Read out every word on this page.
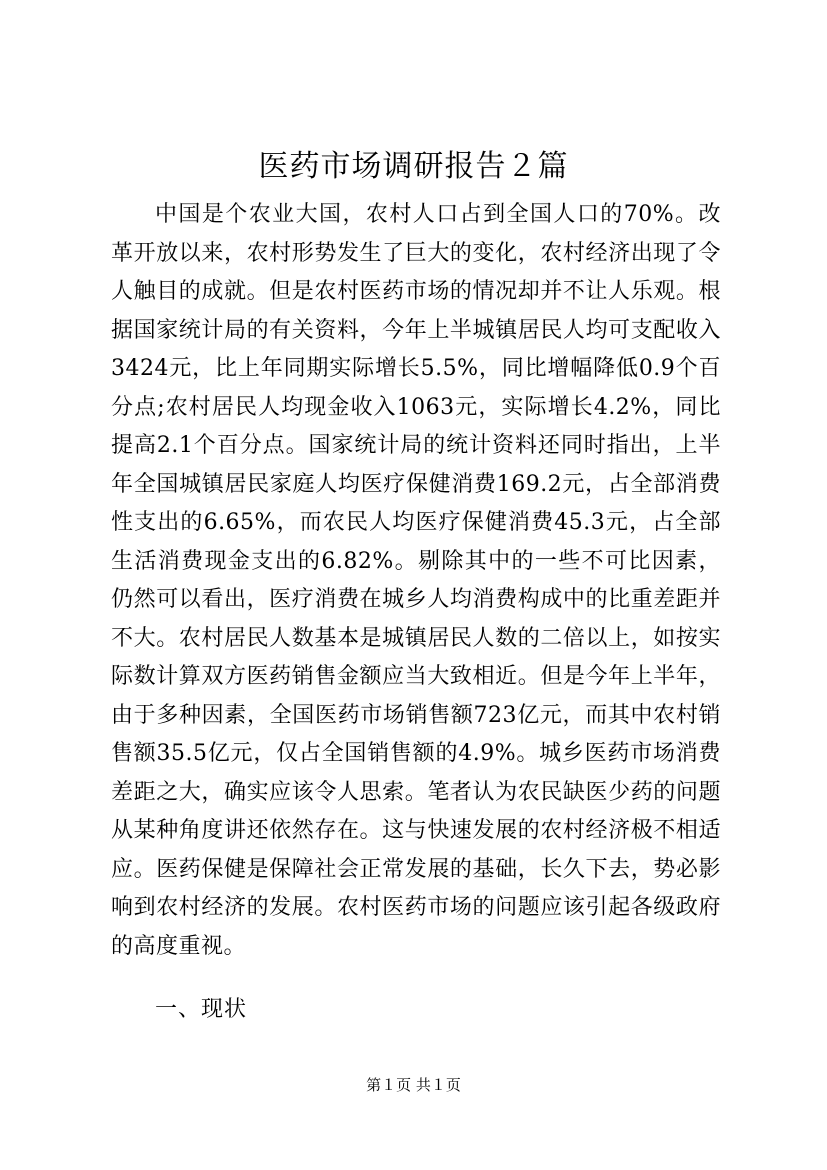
医药市场调研报告２篇

中国是个农业大国，农村人口占到全国人口的70%。改革开放以来，农村形势发生了巨大的变化，农村经济出现了令人触目的成就。但是农村医药市场的情况却并不让人乐观。根据国家统计局的有关资料，今年上半城镇居民人均可支配收入3424元，比上年同期实际增长5.5%，同比增幅降低0.9个百分点;农村居民人均现金收入1063元，实际增长4.2%，同比提高2.1个百分点。国家统计局的统计资料还同时指出，上半年全国城镇居民家庭人均医疗保健消费169.2元，占全部消费性支出的6.65%，而农民人均医疗保健消费45.3元，占全部生活消费现金支出的6.82%。剔除其中的一些不可比因素，仍然可以看出，医疗消费在城乡人均消费构成中的比重差距并不大。农村居民人数基本是城镇居民人数的二倍以上，如按实际数计算双方医药销售金额应当大致相近。但是今年上半年，由于多种因素，全国医药市场销售额723亿元，而其中农村销售额35.5亿元，仅占全国销售额的4.9%。城乡医药市场消费差距之大，确实应该令人思索。笔者认为农民缺医少药的问题从某种角度讲还依然存在。这与快速发展的农村经济极不相适应。医药保健是保障社会正常发展的基础，长久下去，势必影响到农村经济的发展。农村医药市场的问题应该引起各级政府的高度重视。

一、现状

第１页 共１页
